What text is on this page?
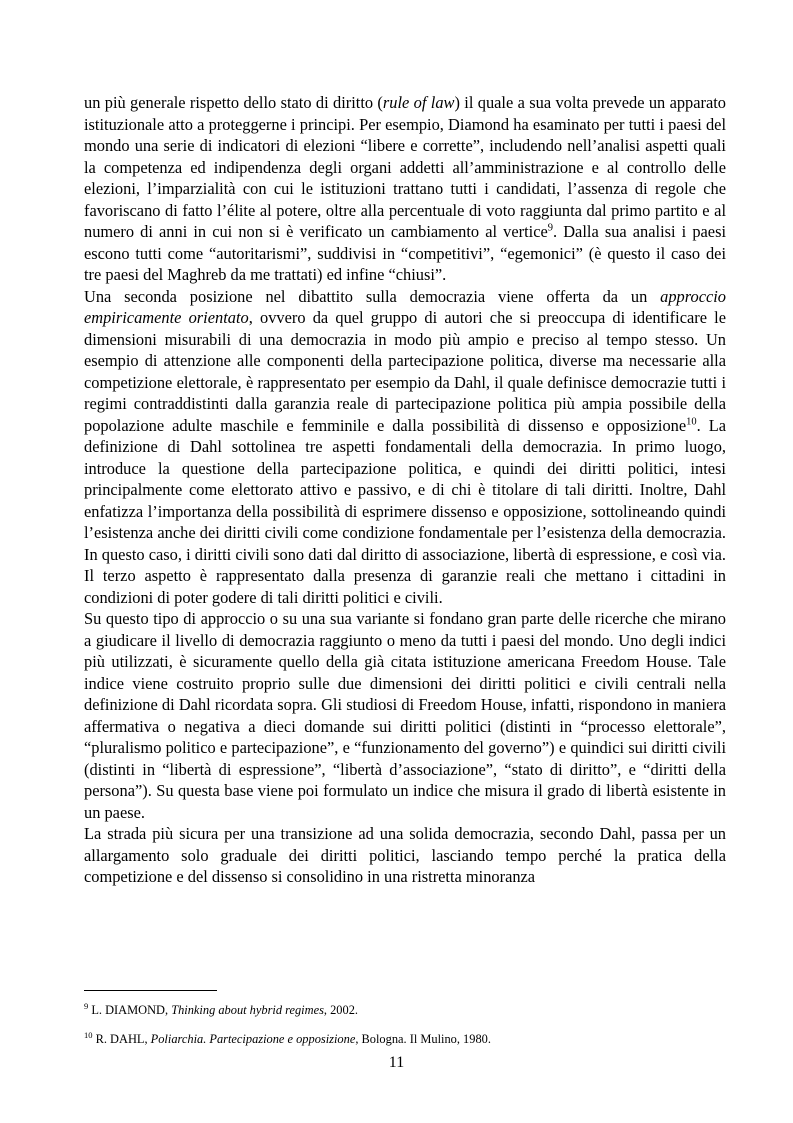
un più generale rispetto dello stato di diritto (rule of law) il quale a sua volta prevede un apparato istituzionale atto a proteggerne i principi. Per esempio, Diamond ha esaminato per tutti i paesi del mondo una serie di indicatori di elezioni “libere e corrette”, includendo nell’analisi aspetti quali la competenza ed indipendenza degli organi addetti all’amministrazione e al controllo delle elezioni, l’imparzialità con cui le istituzioni trattano tutti i candidati, l’assenza di regole che favoriscano di fatto l’élite al potere, oltre alla percentuale di voto raggiunta dal primo partito e al numero di anni in cui non si è verificato un cambiamento al vertice$^9$. Dalla sua analisi i paesi escono tutti come “autoritarismi”, suddivisi in “competitivi”, “egemonici” (è questo il caso dei tre paesi del Maghreb da me trattati) ed infine “chiusi”.

Una seconda posizione nel dibattito sulla democrazia viene offerta da un approccio empiricamente orientato, ovvero da quel gruppo di autori che si preoccupa di identificare le dimensioni misurabili di una democrazia in modo più ampio e preciso al tempo stesso. Un esempio di attenzione alle componenti della partecipazione politica, diverse ma necessarie alla competizione elettorale, è rappresentato per esempio da Dahl, il quale definisce democrazie tutti i regimi contraddistinti dalla garanzia reale di partecipazione politica più ampia possibile della popolazione adulte maschile e femminile e dalla possibilità di dissenso e opposizione$^{10}$. La definizione di Dahl sottolinea tre aspetti fondamentali della democrazia. In primo luogo, introduce la questione della partecipazione politica, e quindi dei diritti politici, intesi principalmente come elettorato attivo e passivo, e di chi è titolare di tali diritti. Inoltre, Dahl enfatizza l’importanza della possibilità di esprimere dissenso e opposizione, sottolineando quindi l’esistenza anche dei diritti civili come condizione fondamentale per l’esistenza della democrazia. In questo caso, i diritti civili sono dati dal diritto di associazione, libertà di espressione, e così via. Il terzo aspetto è rappresentato dalla presenza di garanzie reali che mettano i cittadini in condizioni di poter godere di tali diritti politici e civili.

Su questo tipo di approccio o su una sua variante si fondano gran parte delle ricerche che mirano a giudicare il livello di democrazia raggiunto o meno da tutti i paesi del mondo. Uno degli indici più utilizzati, è sicuramente quello della già citata istituzione americana Freedom House. Tale indice viene costruito proprio sulle due dimensioni dei diritti politici e civili centrali nella definizione di Dahl ricordata sopra. Gli studiosi di Freedom House, infatti, rispondono in maniera affermativa o negativa a dieci domande sui diritti politici (distinti in “processo elettorale”, “pluralismo politico e partecipazione”, e “funzionamento del governo”) e quindici sui diritti civili (distinti in “libertà di espressione”, “libertà d’associazione”, “stato di diritto”, e “diritti della persona”). Su questa base viene poi formulato un indice che misura il grado di libertà esistente in un paese.

La strada più sicura per una transizione ad una solida democrazia, secondo Dahl, passa per un allargamento solo graduale dei diritti politici, lasciando tempo perché la pratica della competizione e del dissenso si consolidino in una ristretta minoranza

$^9$ L. DIAMOND, Thinking about hybrid regimes, 2002.
$^{10}$ R. DAHL, Poliarchia. Partecipazione e opposizione, Bologna. Il Mulino, 1980.
11
